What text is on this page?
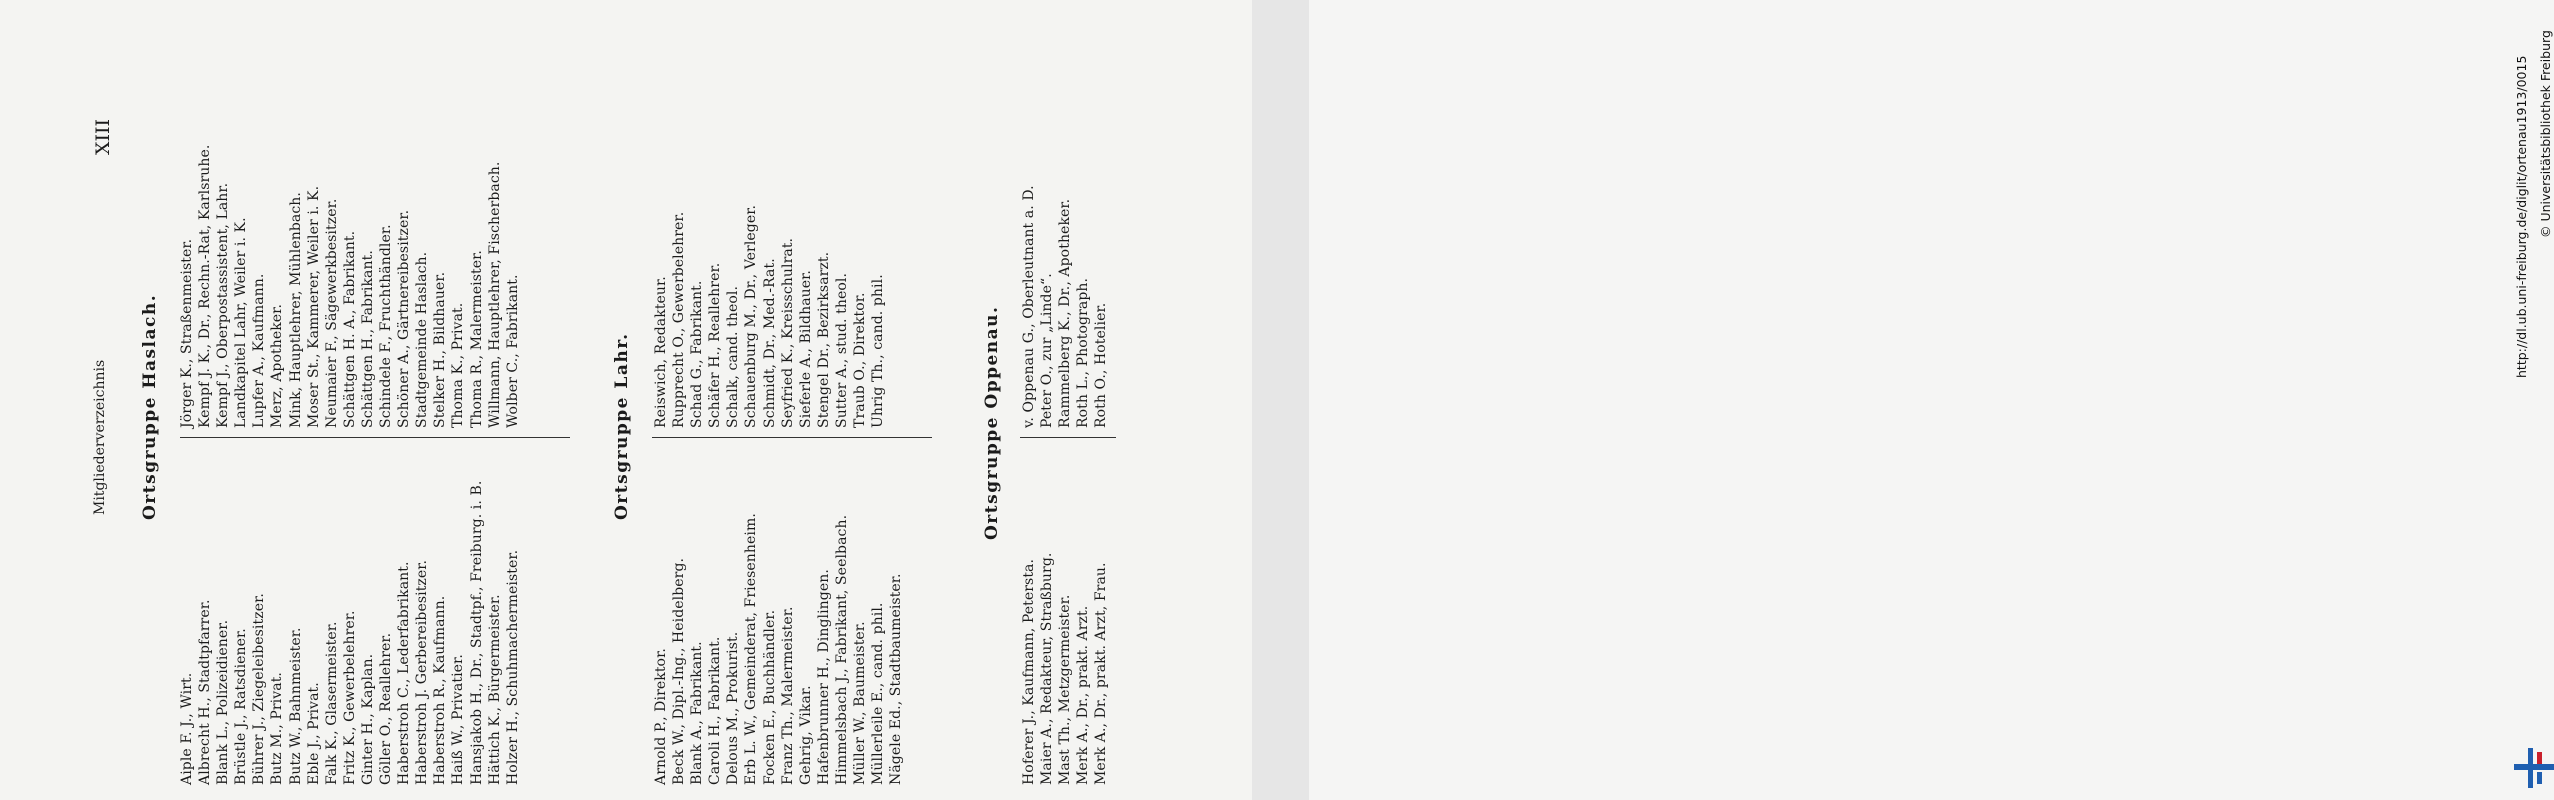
Mitgliederverzeichnis
XIII
Ortsgruppe Haslach.
Aiple F. J., Wirt. Albrecht H., Stadtpfarrer. Blank L., Polizeidiener. Brüstle J., Ratsdiener. Bührer J., Ziegeleibesitzer. Butz M., Privat. Butz W., Bahnmeister. Eble J., Privat. Falk K., Glasermeister. Fritz K., Gewerbelehrer. Ginter H., Kaplan. Göller O., Reallehrer. Haberstroh C., Lederfabrikant. Haberstroh J. Gerbereibesitzer. Haberstroh R., Kaufmann. Haiß W., Privatier. Hansjakob H., Dr., Stadtpf., Freiburg. i. B. Hättich K., Bürgermeister. Holzer H., Schuhmachermeister.
Jörger K., Straßenmeister. Kempf J. K., Dr., Rechn.-Rat, Karlsruhe. Kempf J., Oberpostassistent, Lahr. Landkapitel Lahr, Weiler i. K. Lupfer A., Kaufmann. Merz, Apotheker. Mink, Hauptlehrer, Mühlenbach. Moser St., Kammerer, Weiler i. K. Neumaier F., Sägewerkbesitzer. Schättgen H. A., Fabrikant. Schättgen H., Fabrikant. Schindele F., Fruchthändler. Schöner A., Gärtnereibesitzer. Stadtgemeinde Haslach. Stelker H., Bildhauer. Thoma K., Privat. Thoma R., Malermeister. Willmann, Hauptlehrer, Fischerbach. Wolber C., Fabrikant.	Ortsgruppe Lahr.
Arnold P., Direktor. Beck W., Dipl.-Ing., Heidelberg. Blank A., Fabrikant. Caroli H., Fabrikant. Delous M., Prokurist. Erb L. W., Gemeinderat, Friesenheim. Focken E., Buchhändler. Franz Th., Malermeister. Gehrig, Vikar. Hafenbrunner H., Dinglingen. Himmelsbach J., Fabrikant, Seelbach. Müller W., Baumeister. Müllerleile E., cand. phil. Nägele Ed., Stadtbaumeister.
Reiswich, Redakteur. Rupprecht O., Gewerbelehrer. Schad G., Fabrikant. Schäfer H., Reallehrer. Schalk, cand. theol. Schauenburg M., Dr., Verleger. Schmidt, Dr., Med.-Rat. Seyfried K., Kreisschulrat. Sieferle A., Bildhauer. Stengel Dr., Bezirksarzt. Sutter A., stud. theol. Traub O., Direktor. Uhrig Th., cand. phil.	Ortsgruppe Oppenau.
Hoferer J., Kaufmann, Petersta. Maier A., Redakteur, Straßburg. Mast Th., Metzgermeister. Merk A., Dr., prakt. Arzt. Merk A., Dr., prakt. Arzt, Frau.
v. Oppenau G., Oberleutnant a. D. Peter O., zur „Linde“. Rammelberg K., Dr., Apotheker. Roth L., Photograph. Roth O., Hotelier.	http://dl.ub.uni-freiburg.de/diglit/ortenau1913/0015 © Universitätsbibliothek Freiburg
